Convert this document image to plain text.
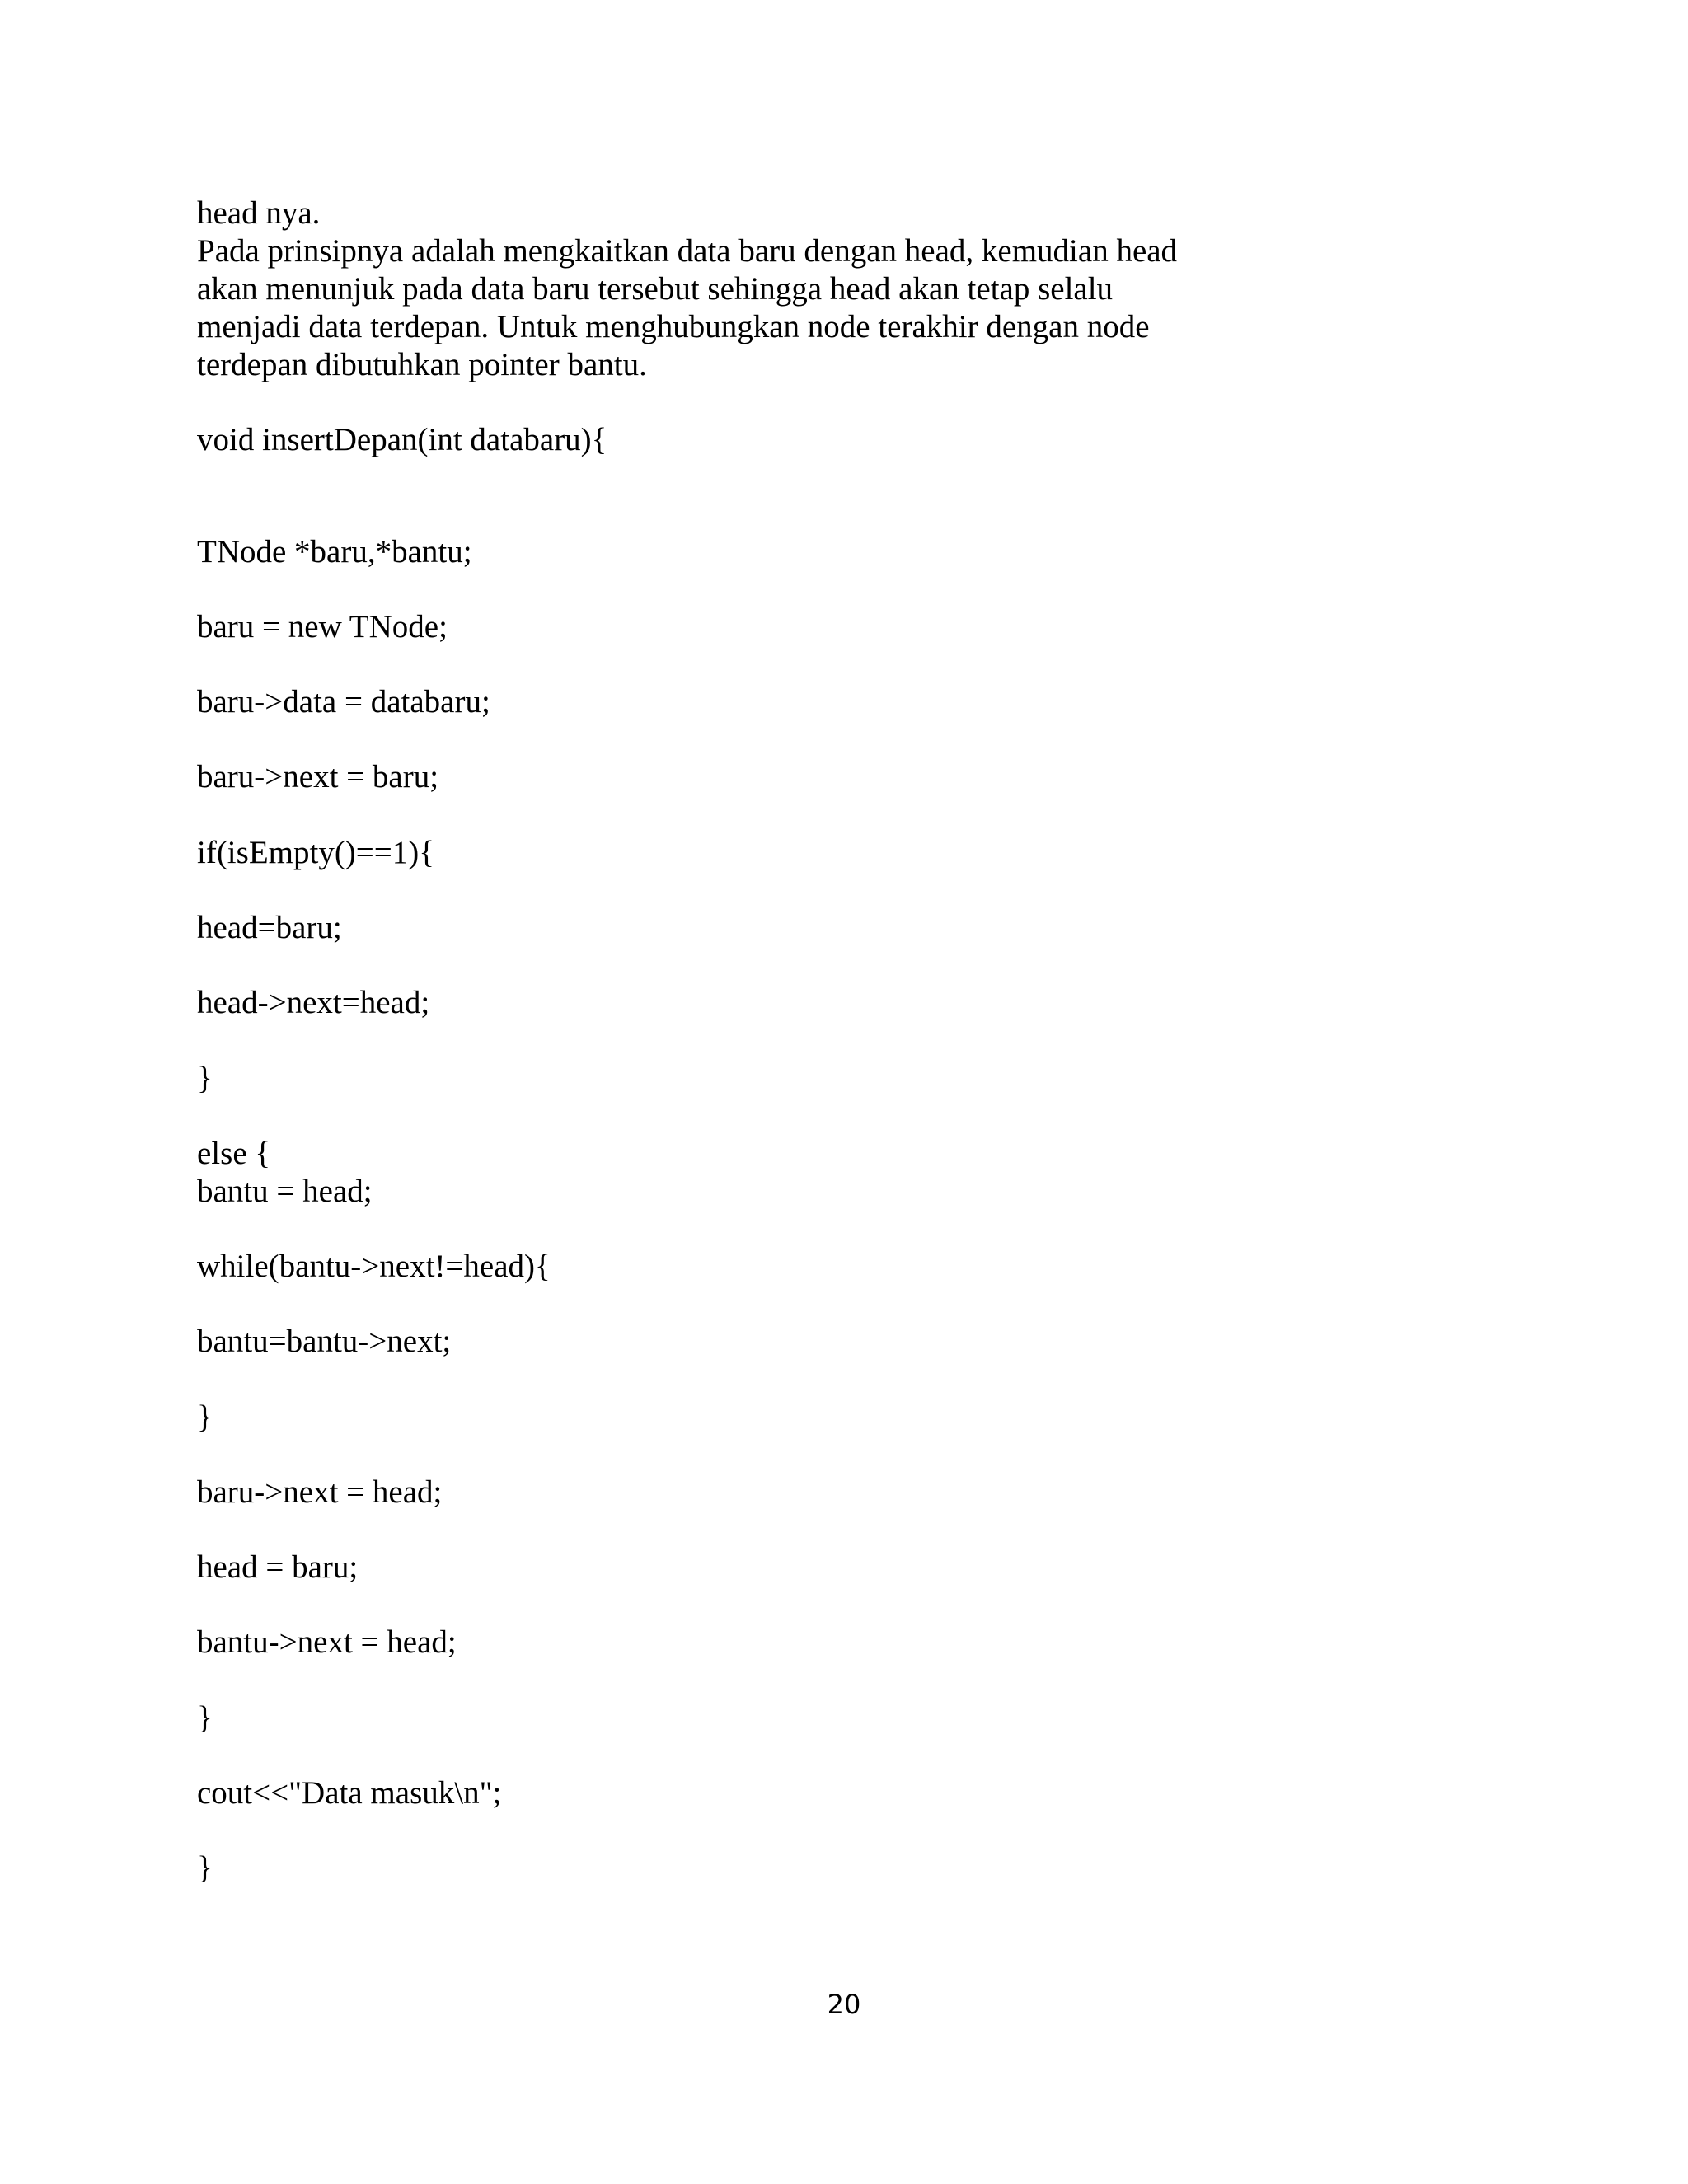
head nya.

Pada prinsipnya adalah mengkaitkan data baru dengan head, kemudian head

akan menunjuk pada data baru tersebut sehingga head akan tetap selalu

menjadi data terdepan. Untuk menghubungkan node terakhir dengan node

terdepan dibutuhkan pointer bantu.

void insertDepan(int databaru){

TNode *baru,*bantu;

baru = new TNode;

baru->data = databaru;

baru->next = baru;

if(isEmpty()==1){

head=baru;

head->next=head;

}

else {

bantu = head;

while(bantu->next!=head){

bantu=bantu->next;

}

baru->next = head;

head = baru;

bantu->next = head;

}

cout<<"Data masuk\n";

}

20
